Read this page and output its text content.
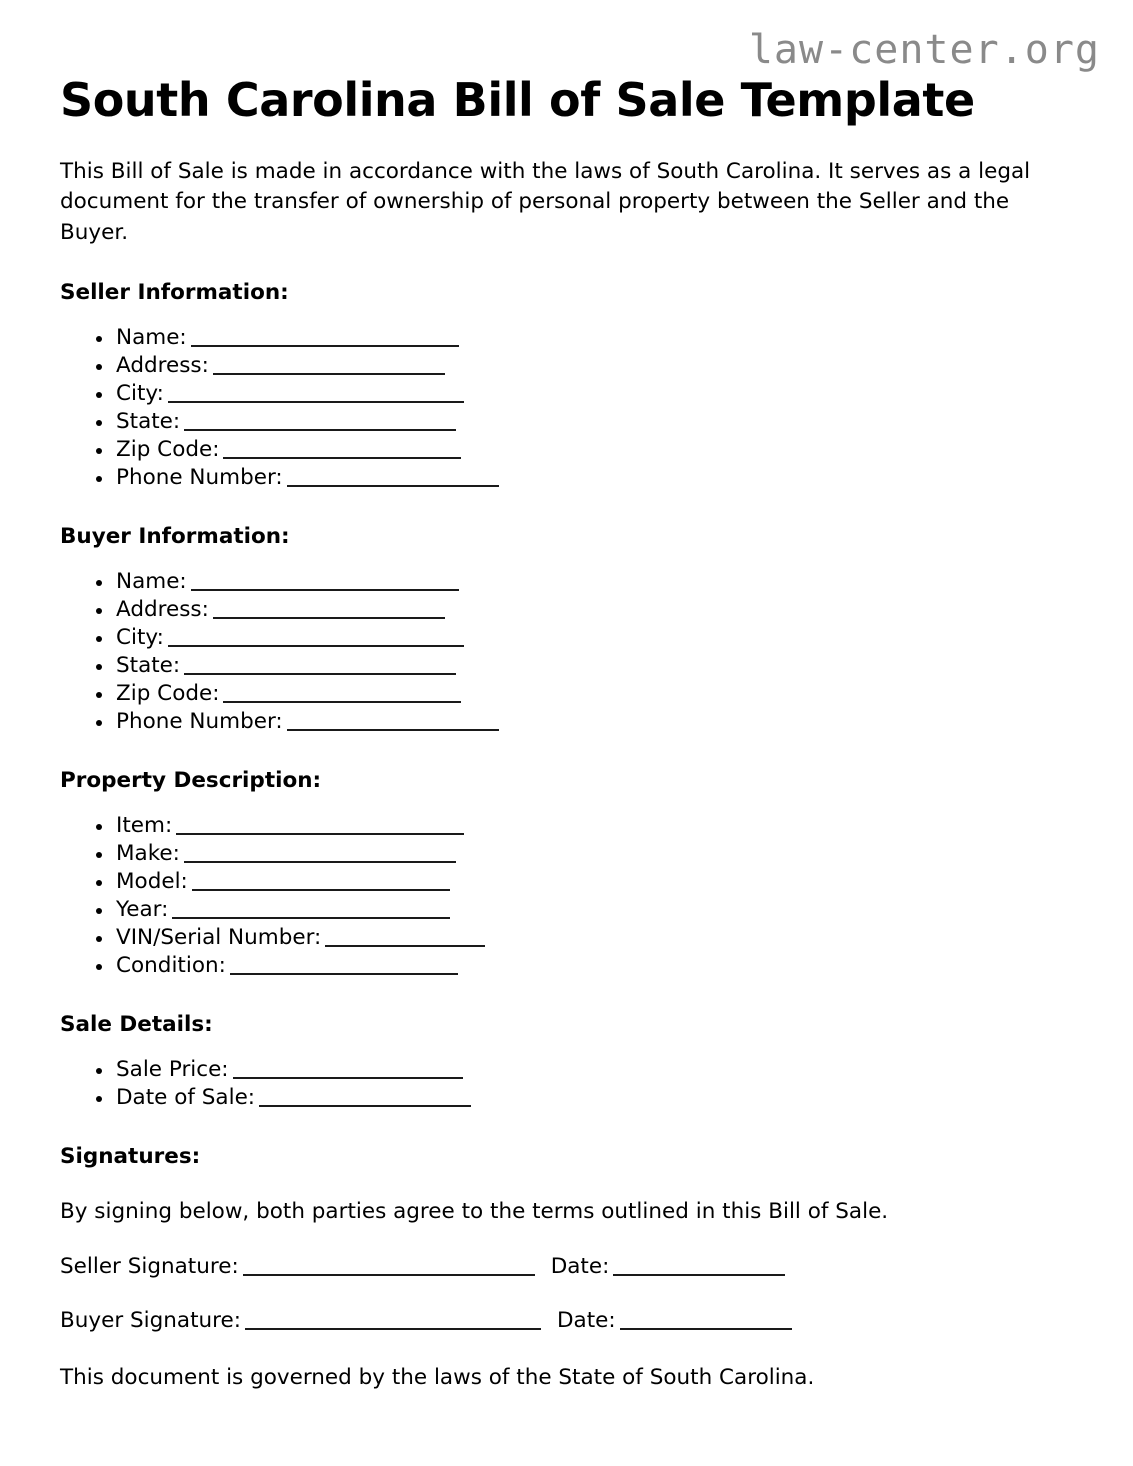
law-center.org
South Carolina Bill of Sale Template

This Bill of Sale is made in accordance with the laws of South Carolina. It serves as a legal document for the transfer of ownership of personal property between the Seller and the Buyer.

Seller Information:
Name:
Address:
City:
State:
Zip Code:
Phone Number:
Buyer Information:
Name:
Address:
City:
State:
Zip Code:
Phone Number:
Property Description:
Item:
Make:
Model:
Year:
VIN/Serial Number:
Condition:
Sale Details:
Sale Price:
Date of Sale:
Signatures:

By signing below, both parties agree to the terms outlined in this Bill of Sale.

Seller Signature:	Date:
Buyer Signature:	Date:

This document is governed by the laws of the State of South Carolina.
